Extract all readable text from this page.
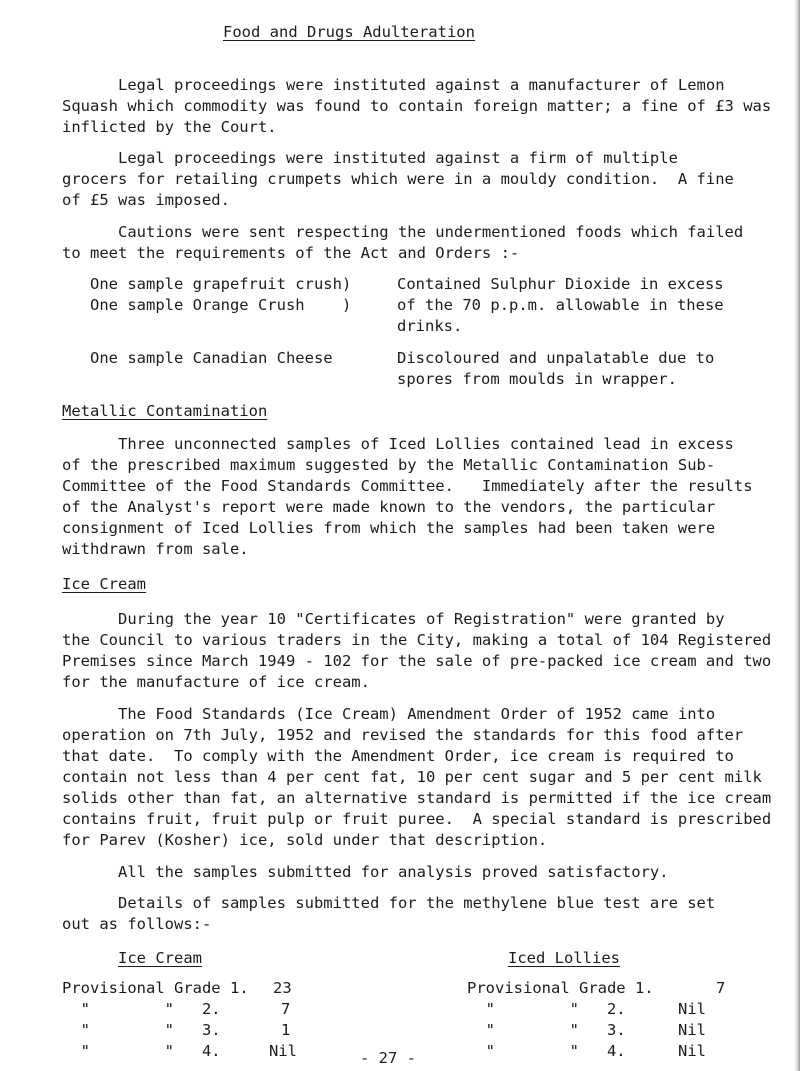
Food and Drugs Adulteration
Legal proceedings were instituted against a manufacturer of Lemon
Squash which commodity was found to contain foreign matter; a fine of £3 was
inflicted by the Court.
Legal proceedings were instituted against a firm of multiple
grocers for retailing crumpets which were in a mouldy condition.  A fine
of £5 was imposed.
Cautions were sent respecting the undermentioned foods which failed
to meet the requirements of the Act and Orders :-
One sample grapefruit crush)	Contained Sulphur Dioxide in excess
One sample Orange Crush    )	of the 70 p.p.m. allowable in these
drinks.
One sample Canadian Cheese	Discoloured and unpalatable due to
spores from moulds in wrapper.
Metallic Contamination
Three unconnected samples of Iced Lollies contained lead in excess
of the prescribed maximum suggested by the Metallic Contamination Sub-
Committee of the Food Standards Committee.   Immediately after the results
of the Analyst's report were made known to the vendors, the particular
consignment of Iced Lollies from which the samples had been taken were
withdrawn from sale.
Ice Cream
During the year 10 "Certificates of Registration" were granted by
the Council to various traders in the City, making a total of 104 Registered
Premises since March 1949 - 102 for the sale of pre-packed ice cream and two
for the manufacture of ice cream.
The Food Standards (Ice Cream) Amendment Order of 1952 came into
operation on 7th July, 1952 and revised the standards for this food after
that date.  To comply with the Amendment Order, ice cream is required to
contain not less than 4 per cent fat, 10 per cent sugar and 5 per cent milk
solids other than fat, an alternative standard is permitted if the ice cream
contains fruit, fruit pulp or fruit puree.  A special standard is prescribed
for Parev (Kosher) ice, sold under that description.
All the samples submitted for analysis proved satisfactory.
Details of samples submitted for the methylene blue test are set
out as follows:-
Ice Cream	Iced Lollies
Provisional Grade 1. 23
"        "   2.	7
"        "   3.	1
"        "   4.	Nil
Provisional Grade 1.	7
"        "   2.	Nil
"        "   3.	Nil
"        "   4.	Nil
- 27 -
